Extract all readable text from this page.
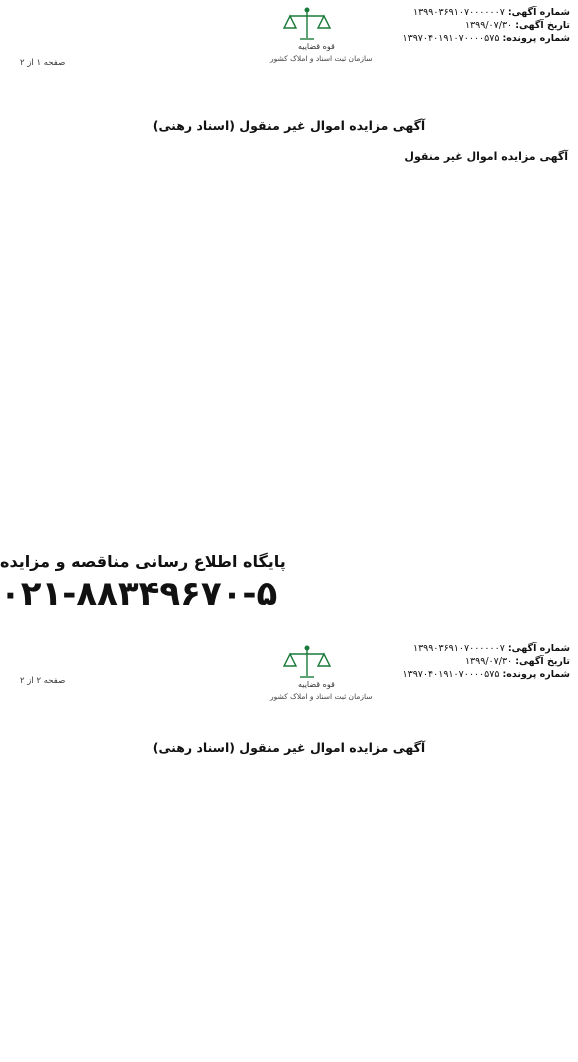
شماره آگهی: ۱۳۹۹۰۳۶۹۱۰۷۰۰۰۰۰۰۷
تاریخ آگهی: ۱۳۹۹/۰۷/۳۰
شماره پرونده: ۱۳۹۷۰۴۰۱۹۱۰۷۰۰۰۰۵۷۵
قوه قضاییه
سازمان ثبت اسناد و املاک کشور
صفحه ۱ از ۲
آگهی مزایده اموال غیر منقول (اسناد رهنی)
آگهی مزایده اموال غیر منقول
پایگاه اطلاع رسانی مناقصه و مزایده
۰۲۱-۸۸۳۴۹۶۷۰-۵
شماره آگهی: ۱۳۹۹۰۳۶۹۱۰۷۰۰۰۰۰۰۷
تاریخ آگهی: ۱۳۹۹/۰۷/۳۰
شماره پرونده: ۱۳۹۷۰۴۰۱۹۱۰۷۰۰۰۰۵۷۵
قوه قضاییه
سازمان ثبت اسناد و املاک کشور
صفحه ۲ از ۲
آگهی مزایده اموال غیر منقول (اسناد رهنی)
